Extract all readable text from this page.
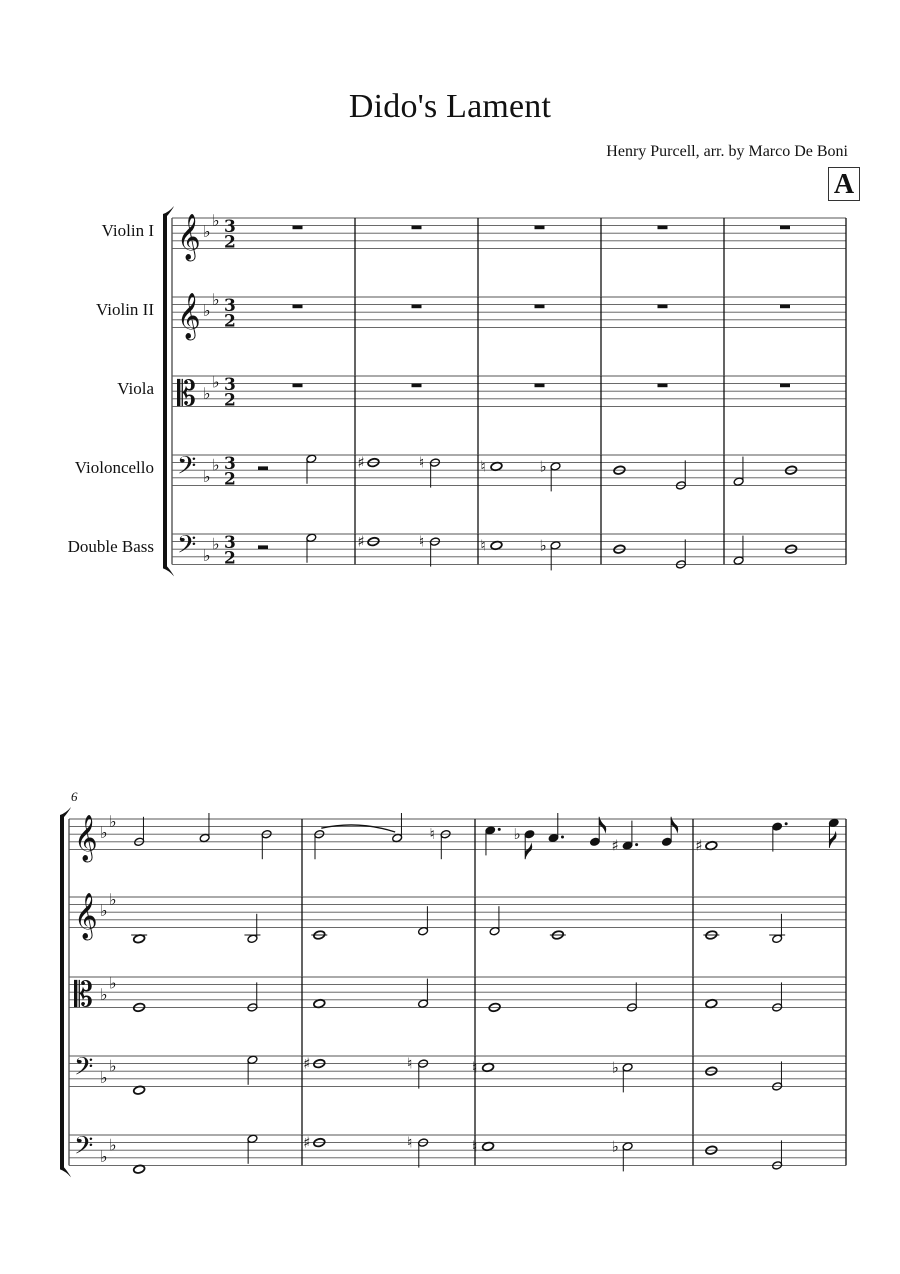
Dido's Lament
Henry Purcell, arr. by Marco De Boni
A
Violin I
Violin II
Viola
Violoncello
Double Bass
6
𝄞 ♭
♭ 3
2
𝄞 ♭
♭ 3
2
𝄡 ♭
♭ 3
2
𝄢 ♭
♭ 3
2
♯	♮	♮	♭
𝄢 ♭
♭ 3
2
♯	♮	♮	♭
𝄞 ♭
♭
♮	♭
♯	♯
𝄞 ♭
♭
𝄡 ♭
♭
𝄢 ♭
♭	♯	♮	♮	♭
𝄢 ♭
♭	♯	♮	♮	♭
